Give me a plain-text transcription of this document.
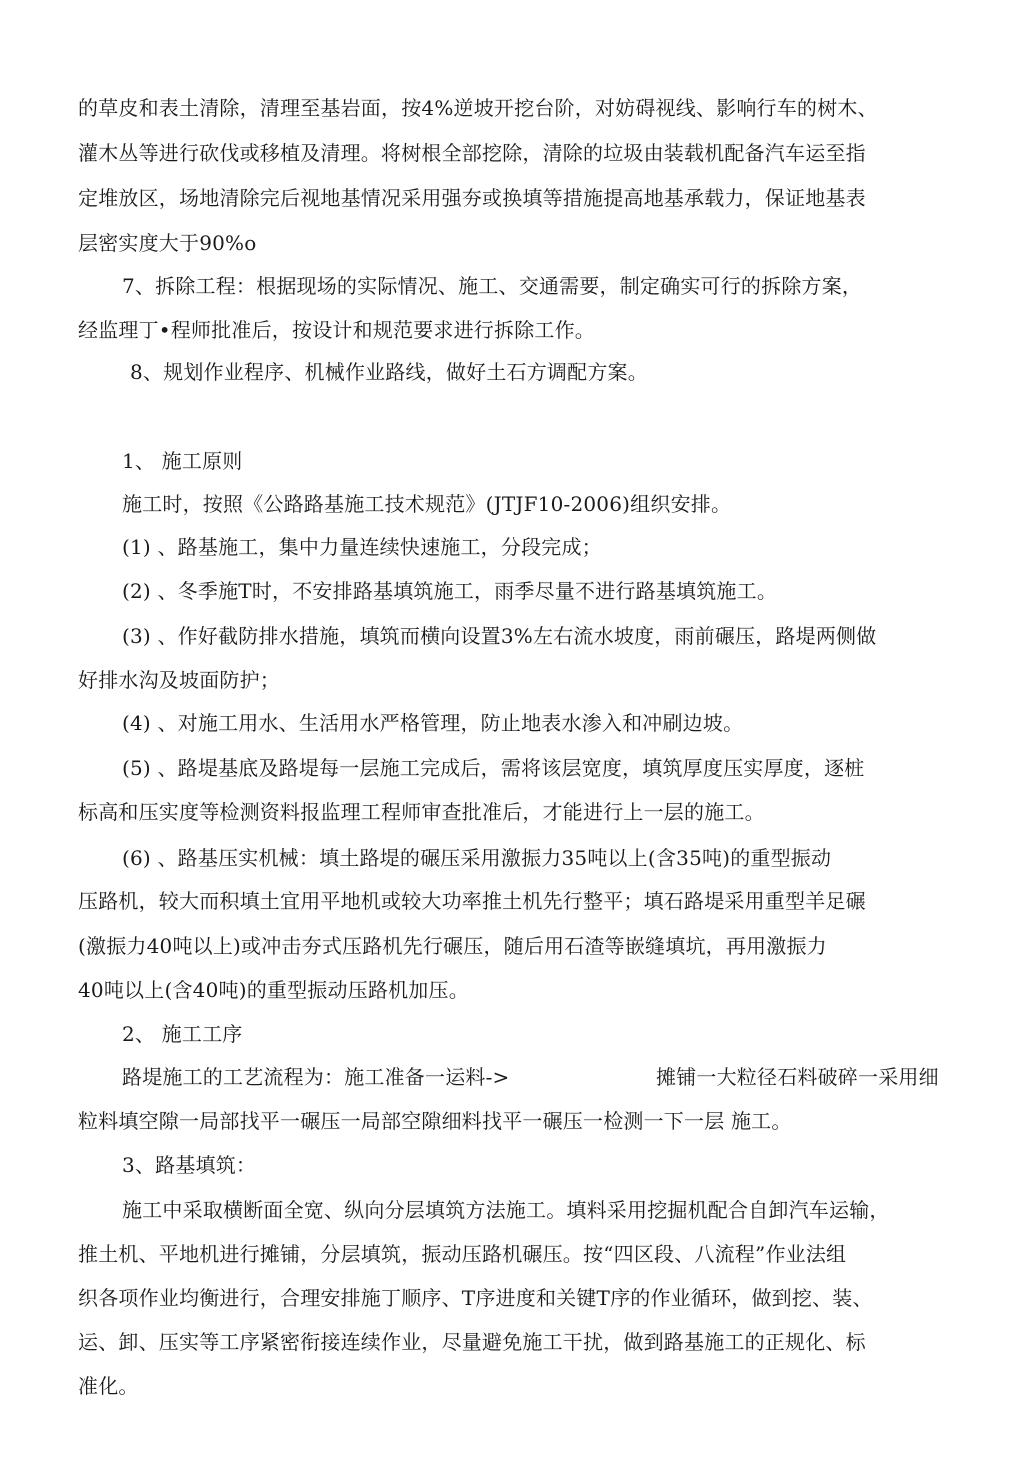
的草皮和表土清除，清理至基岩面，按4%逆坡开挖台阶，对妨碍视线、影响行车的树木、
灌木丛等进行砍伐或移植及清理。将树根全部挖除，清除的垃圾由装载机配备汽车运至指
定堆放区，场地清除完后视地基情况采用强夯或换填等措施提高地基承载力，保证地基表
层密实度大于90%o
7、拆除工程：根据现场的实际情况、施工、交通需要，制定确实可行的拆除方案，
经监理丁•程师批准后，按设计和规范要求进行拆除工作。
8、规划作业程序、机械作业路线，做好土石方调配方案。
1、 施工原则
施工时，按照《公路路基施工技术规范》(JTJF10-2006)组织安排。
(1) 、路基施工，集中力量连续快速施工，分段完成；
(2) 、冬季施T时，不安排路基填筑施工，雨季尽量不进行路基填筑施工。
(3) 、作好截防排水措施，填筑而横向设置3%左右流水坡度，雨前碾压，路堤两侧做
好排水沟及坡面防护；
(4) 、对施工用水、生活用水严格管理，防止地表水渗入和冲刷边坡。
(5) 、路堤基底及路堤每一层施工完成后，需将该层宽度，填筑厚度压实厚度，逐桩
标高和压实度等检测资料报监理工程师审查批准后，才能进行上一层的施工。
(6) 、路基压实机械：填土路堤的碾压采用激振力35吨以上(含35吨)的重型振动
压路机，较大而积填土宜用平地机或较大功率推土机先行整平；填石路堤采用重型羊足碾
(激振力40吨以上)或冲击夯式压路机先行碾压，随后用石渣等嵌缝填坑，再用激振力
40吨以上(含40吨)的重型振动压路机加压。
2、 施工工序
路堤施工的工艺流程为：施工准备一运料->	摊铺一大粒径石料破碎一采用细
粒料填空隙一局部找平一碾压一局部空隙细料找平一碾压一检测一下一层 施工。
3、路基填筑：
施工中采取横断面全宽、纵向分层填筑方法施工。填料采用挖掘机配合自卸汽车运输，
推土机、平地机进行摊铺，分层填筑，振动压路机碾压。按“四区段、八流程”作业法组
织各项作业均衡进行，合理安排施丁顺序、T序进度和关键T序的作业循环，做到挖、装、
运、卸、压实等工序紧密衔接连续作业，尽量避免施工干扰，做到路基施工的正规化、标
准化。
